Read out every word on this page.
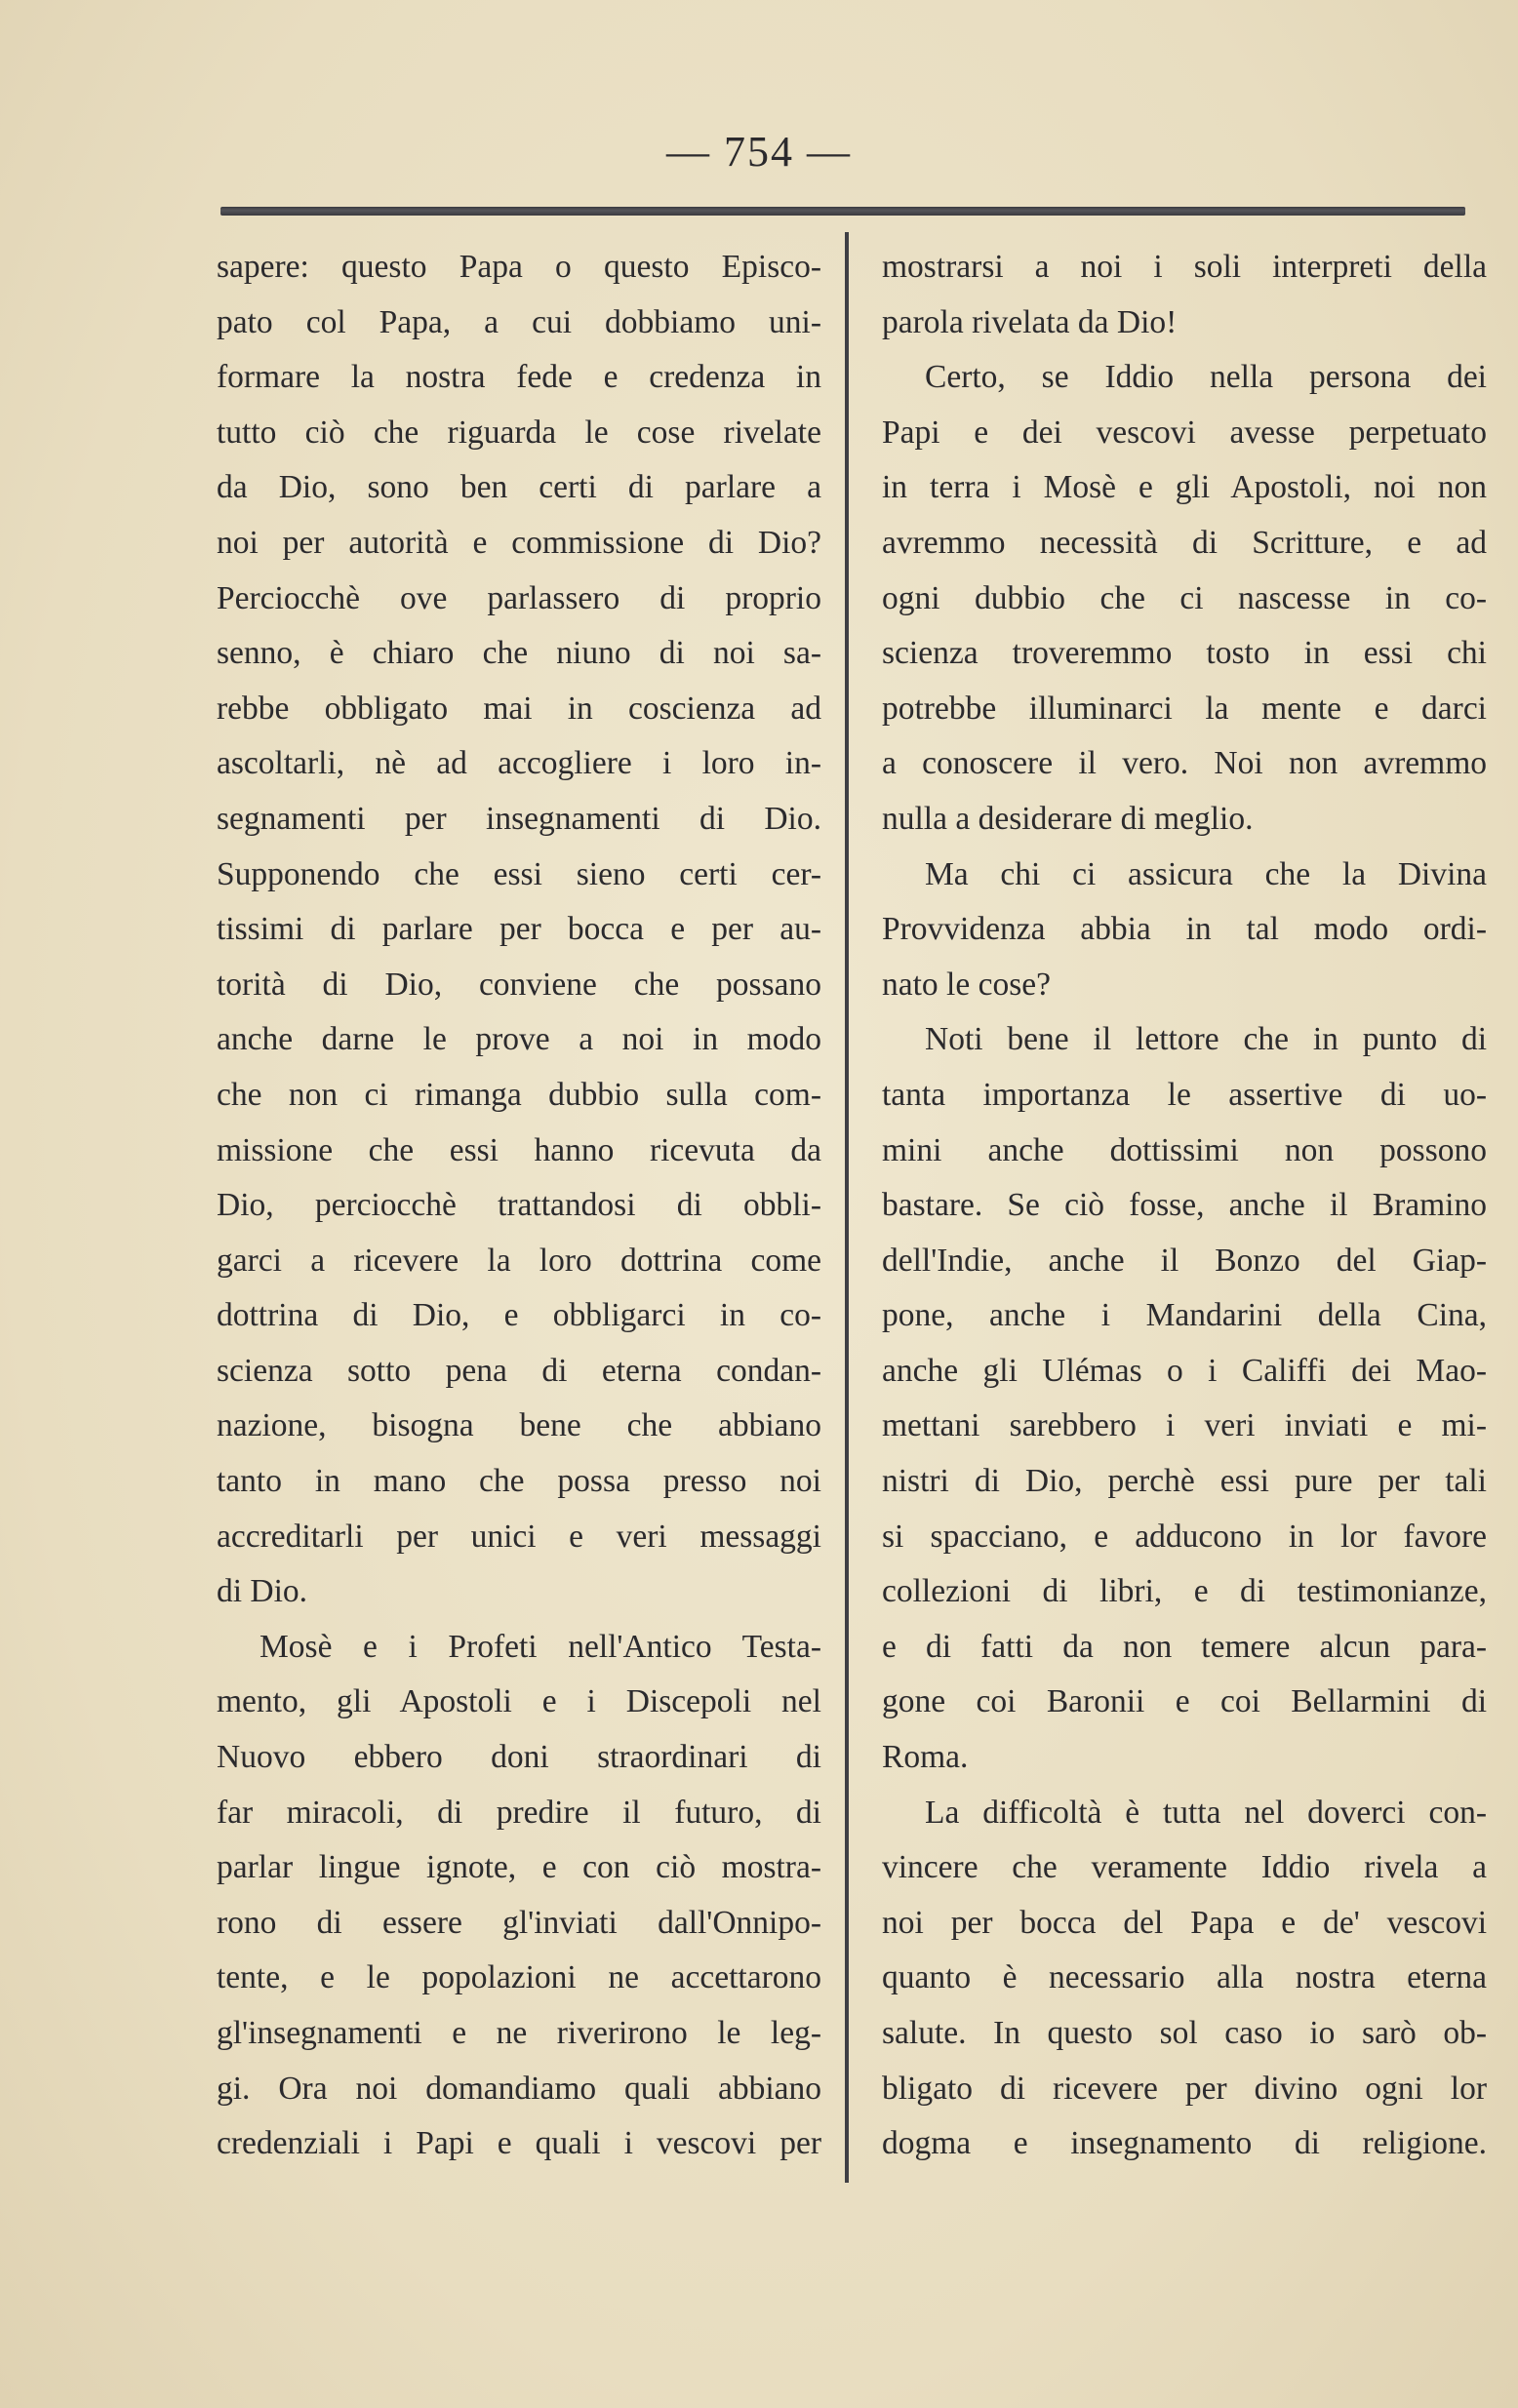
— 754 —
sapere: questo Papa o questo Episco-
pato col Papa, a cui dobbiamo uni-
formare la nostra fede e credenza in
tutto ciò che riguarda le cose rivelate
da Dio, sono ben certi di parlare a
noi per autorità e commissione di Dio?
Perciocchè ove parlassero di proprio
senno, è chiaro che niuno di noi sa-
rebbe obbligato mai in coscienza ad
ascoltarli, nè ad accogliere i loro in-
segnamenti per insegnamenti di Dio.
Supponendo che essi sieno certi cer-
tissimi di parlare per bocca e per au-
torità di Dio, conviene che possano
anche darne le prove a noi in modo
che non ci rimanga dubbio sulla com-
missione che essi hanno ricevuta da
Dio, perciocchè trattandosi di obbli-
garci a ricevere la loro dottrina come
dottrina di Dio, e obbligarci in co-
scienza sotto pena di eterna condan-
nazione, bisogna bene che abbiano
tanto in mano che possa presso noi
accreditarli per unici e veri messaggi
di Dio.
Mosè e i Profeti nell'Antico Testa-
mento, gli Apostoli e i Discepoli nel
Nuovo ebbero doni straordinari di
far miracoli, di predire il futuro, di
parlar lingue ignote, e con ciò mostra-
rono di essere gl'inviati dall'Onnipo-
tente, e le popolazioni ne accettarono
gl'insegnamenti e ne riverirono le leg-
gi. Ora noi domandiamo quali abbiano
credenziali i Papi e quali i vescovi per
mostrarsi a noi i soli interpreti della
parola rivelata da Dio!
Certo, se Iddio nella persona dei
Papi e dei vescovi avesse perpetuato
in terra i Mosè e gli Apostoli, noi non
avremmo necessità di Scritture, e ad
ogni dubbio che ci nascesse in co-
scienza troveremmo tosto in essi chi
potrebbe illuminarci la mente e darci
a conoscere il vero. Noi non avremmo
nulla a desiderare di meglio.
Ma chi ci assicura che la Divina
Provvidenza abbia in tal modo ordi-
nato le cose?
Noti bene il lettore che in punto di
tanta importanza le assertive di uo-
mini anche dottissimi non possono
bastare. Se ciò fosse, anche il Bramino
dell'Indie, anche il Bonzo del Giap-
pone, anche i Mandarini della Cina,
anche gli Ulémas o i Califfi dei Mao-
mettani sarebbero i veri inviati e mi-
nistri di Dio, perchè essi pure per tali
si spacciano, e adducono in lor favore
collezioni di libri, e di testimonianze,
e di fatti da non temere alcun para-
gone coi Baronii e coi Bellarmini di
Roma.
La difficoltà è tutta nel doverci con-
vincere che veramente Iddio rivela a
noi per bocca del Papa e de' vescovi
quanto è necessario alla nostra eterna
salute. In questo sol caso io sarò ob-
bligato di ricevere per divino ogni lor
dogma e insegnamento di religione.
